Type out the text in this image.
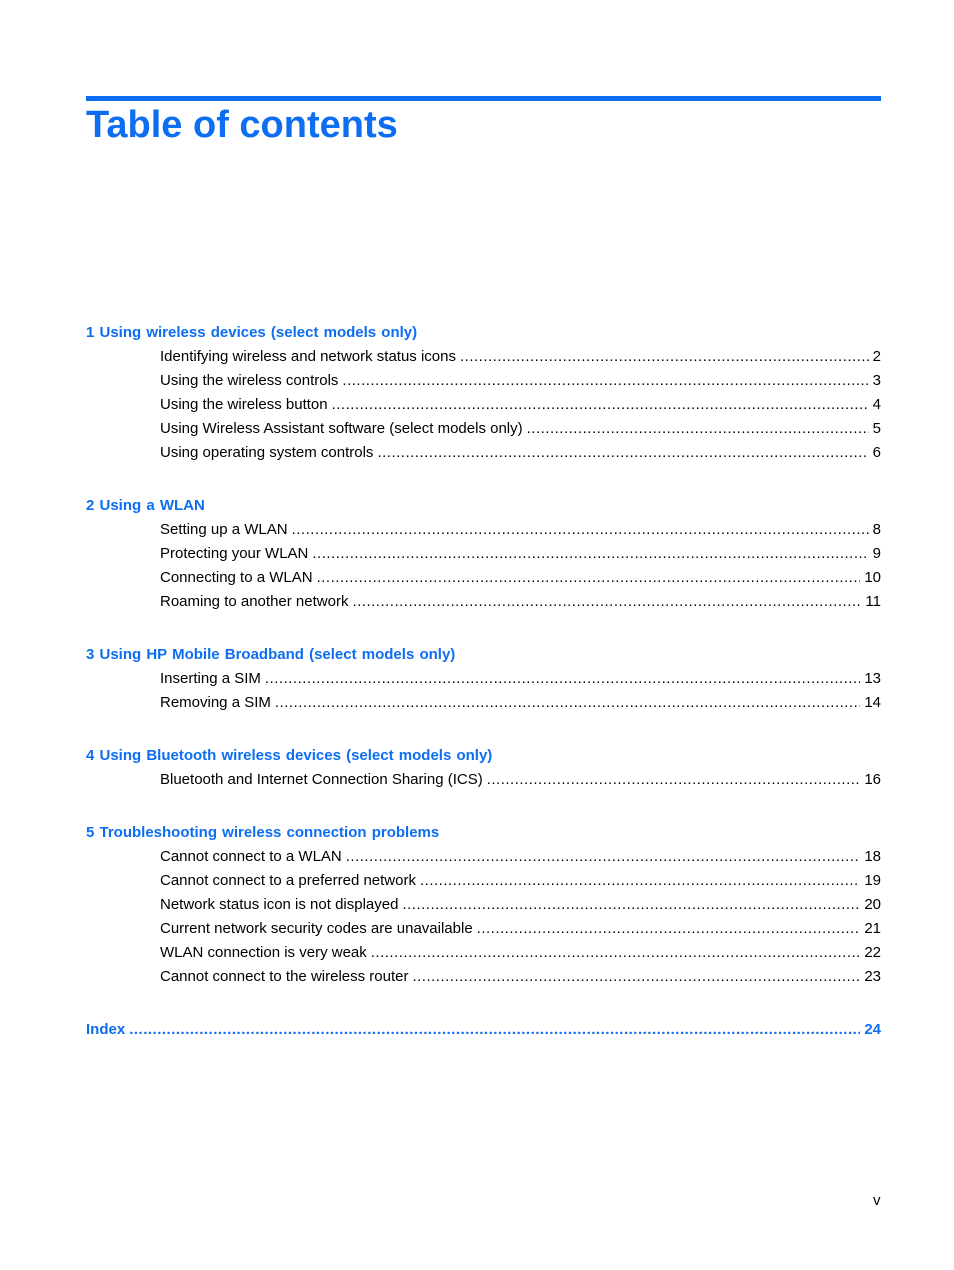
Table of contents
1 Using wireless devices (select models only)
Identifying wireless and network status icons .....	2
Using the wireless controls .....	3
Using the wireless button .....	4
Using Wireless Assistant software (select models only) .....	5
Using operating system controls .....	6
2 Using a WLAN
Setting up a WLAN .....	8
Protecting your WLAN .....	9
Connecting to a WLAN .....	10
Roaming to another network .....	11
3 Using HP Mobile Broadband (select models only)
Inserting a SIM .....	13
Removing a SIM .....	14
4 Using Bluetooth wireless devices (select models only)
Bluetooth and Internet Connection Sharing (ICS) .....	16
5 Troubleshooting wireless connection problems
Cannot connect to a WLAN .....	18
Cannot connect to a preferred network .....	19
Network status icon is not displayed .....	20
Current network security codes are unavailable .....	21
WLAN connection is very weak .....	22
Cannot connect to the wireless router .....	23
Index .....	24
v
